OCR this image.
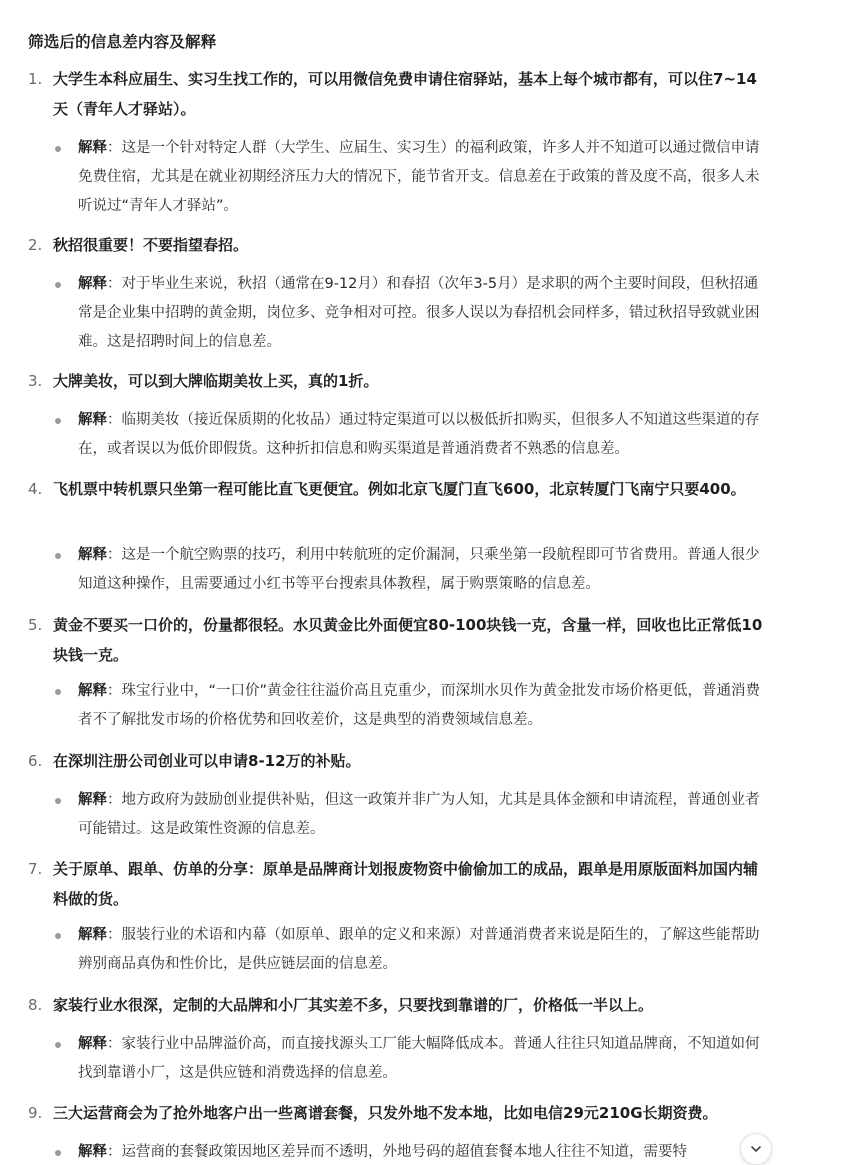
筛选后的信息差内容及解释
1. 大学生本科应届生、实习生找工作的，可以用微信免费申请住宿驿站，基本上每个城市都有，可以住7~14天（青年人才驿站）。
解释：这是一个针对特定人群（大学生、应届生、实习生）的福利政策，许多人并不知道可以通过微信申请免费住宿，尤其是在就业初期经济压力大的情况下，能节省开支。信息差在于政策的普及度不高，很多人未听说过“青年人才驿站”。
2. 秋招很重要！不要指望春招。
解释：对于毕业生来说，秋招（通常在9-12月）和春招（次年3-5月）是求职的两个主要时间段，但秋招通常是企业集中招聘的黄金期，岗位多、竞争相对可控。很多人误以为春招机会同样多，错过秋招导致就业困难。这是招聘时间上的信息差。
3. 大牌美妆，可以到大牌临期美妆上买，真的1折。
解释：临期美妆（接近保质期的化妆品）通过特定渠道可以以极低折扣购买，但很多人不知道这些渠道的存在，或者误以为低价即假货。这种折扣信息和购买渠道是普通消费者不熟悉的信息差。
4. 飞机票中转机票只坐第一程可能比直飞更便宜。例如北京飞厦门直飞600，北京转厦门飞南宁只要400。
解释：这是一个航空购票的技巧，利用中转航班的定价漏洞，只乘坐第一段航程即可节省费用。普通人很少知道这种操作，且需要通过小红书等平台搜索具体教程，属于购票策略的信息差。
5. 黄金不要买一口价的，份量都很轻。水贝黄金比外面便宜80-100块钱一克，含量一样，回收也比正常低10块钱一克。
解释：珠宝行业中，“一口价”黄金往往溢价高且克重少，而深圳水贝作为黄金批发市场价格更低，普通消费者不了解批发市场的价格优势和回收差价，这是典型的消费领域信息差。
6. 在深圳注册公司创业可以申请8-12万的补贴。
解释：地方政府为鼓励创业提供补贴，但这一政策并非广为人知，尤其是具体金额和申请流程，普通创业者可能错过。这是政策性资源的信息差。
7. 关于原单、跟单、仿单的分享：原单是品牌商计划报废物资中偷偷加工的成品，跟单是用原版面料加国内辅料做的货。
解释：服装行业的术语和内幕（如原单、跟单的定义和来源）对普通消费者来说是陌生的，了解这些能帮助辨别商品真伪和性价比，是供应链层面的信息差。
8. 家装行业水很深，定制的大品牌和小厂其实差不多，只要找到靠谱的厂，价格低一半以上。
解释：家装行业中品牌溢价高，而直接找源头工厂能大幅降低成本。普通人往往只知道品牌商，不知道如何找到靠谱小厂，这是供应链和消费选择的信息差。
9. 三大运营商会为了抢外地客户出一些离谱套餐，只发外地不发本地，比如电信29元210G长期资费。
解释：运营商的套餐政策因地区差异而不透明，外地号码的超值套餐本地人往往不知道，需要特
